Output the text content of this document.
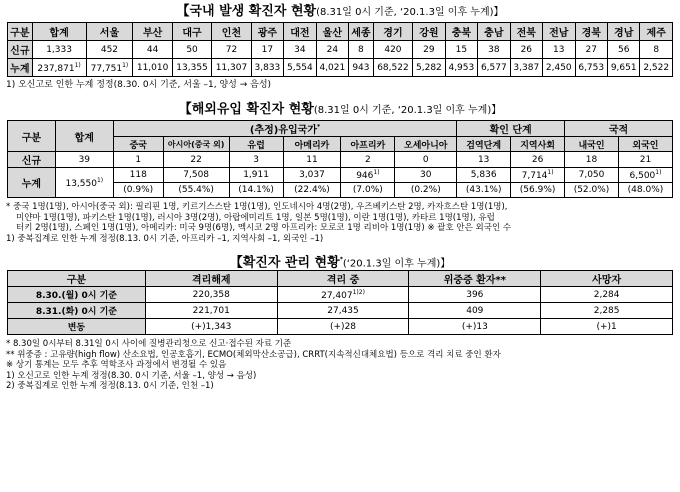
【국내 발생 확진자 현황(8.31일 0시 기준, ‘20.1.3일 이후 누계)】
구분	합계	서울	부산	대구	인천	광주	대전	울산	세종	경기	강원	충북	충남	전북	전남	경북	경남	제주
신규	1,333	452	44	50	72	17	34	24	8	420	29	15	38	26	13	27	56	8
누계	237,871$^{1)}$	77,751$^{1)}$	11,010	13,355	11,307	3,833	5,554	4,021	943	68,522	5,282	4,953	6,577	3,387	2,450	6,753	9,651	2,522
1) 오신고로 인한 누계 정정(8.30. 0시 기준, 서울 –1, 양성 → 음성)
【해외유입 확진자 현황(8.31일 0시 기준, ‘20.1.3일 이후 누계)】
구분	합계	(추정)유입국가*						확인 단계		국적	
		중국	아시아(중국 외)	유럽	아메리카	아프리카	오세아니아	검역단계	지역사회	내국인	외국인
신규	39	1	22	3	11	2	0	13	26	18	21
누계	13,550$^{1)}$	118	7,508	1,911	3,037	946$^{1)}$	30	5,836	7,714$^{1)}$	7,050	6,500$^{1)}$
		(0.9%)	(55.4%)	(14.1%)	(22.4%)	(7.0%)	(0.2%)	(43.1%)	(56.9%)	(52.0%)	(48.0%)
* 중국 1명(1명), 아시아(중국 외): 필리핀 1명, 키르기스스탄 1명(1명), 인도네시아 4명(2명), 우즈베키스탄 2명, 카자흐스탄 1명(1명),
미얀마 1명(1명), 파키스탄 1명(1명), 러시아 3명(2명), 아랍에미리트 1명, 일본 5명(1명), 이란 1명(1명), 카타르 1명(1명), 유럽
터키 2명(1명), 스페인 1명(1명), 아메리카: 미국 9명(6명), 멕시코 2명 아프리카: 모로코 1명 리비아 1명(1명) ※ 괄호 안은 외국인 수
1) 중복집계로 인한 누계 정정(8.13. 0시 기준, 아프리카 –1, 지역사회 –1, 외국인 –1)
【확진자 관리 현황*(‘20.1.3일 이후 누계)】
구분	격리해제	격리 중	위중증 환자**	사망자
8.30.(월) 0시 기준	220,358	$27,407^{1)2)}$	396	2,284
8.31.(화) 0시 기준	221,701	27,435	409	2,285
변동	(+)1,343	(+)28	(+)13	(+)1
* 8.30일 0시부터 8.31일 0시 사이에 질병관리청으로 신고·접수된 자료 기준
** 위중증 : 고유량(high flow) 산소요법, 인공호흡기, ECMO(체외막산소공급), CRRT(지속적신대체요법) 등으로 격리 치료 중인 환자
※ 상기 통계는 모두 추후 역학조사 과정에서 변경될 수 있음
1) 오신고로 인한 누계 정정(8.30. 0시 기준, 서울 –1, 양성 → 음성)
2) 중복집계로 인한 누계 정정(8.13. 0시 기준, 인천 –1)
